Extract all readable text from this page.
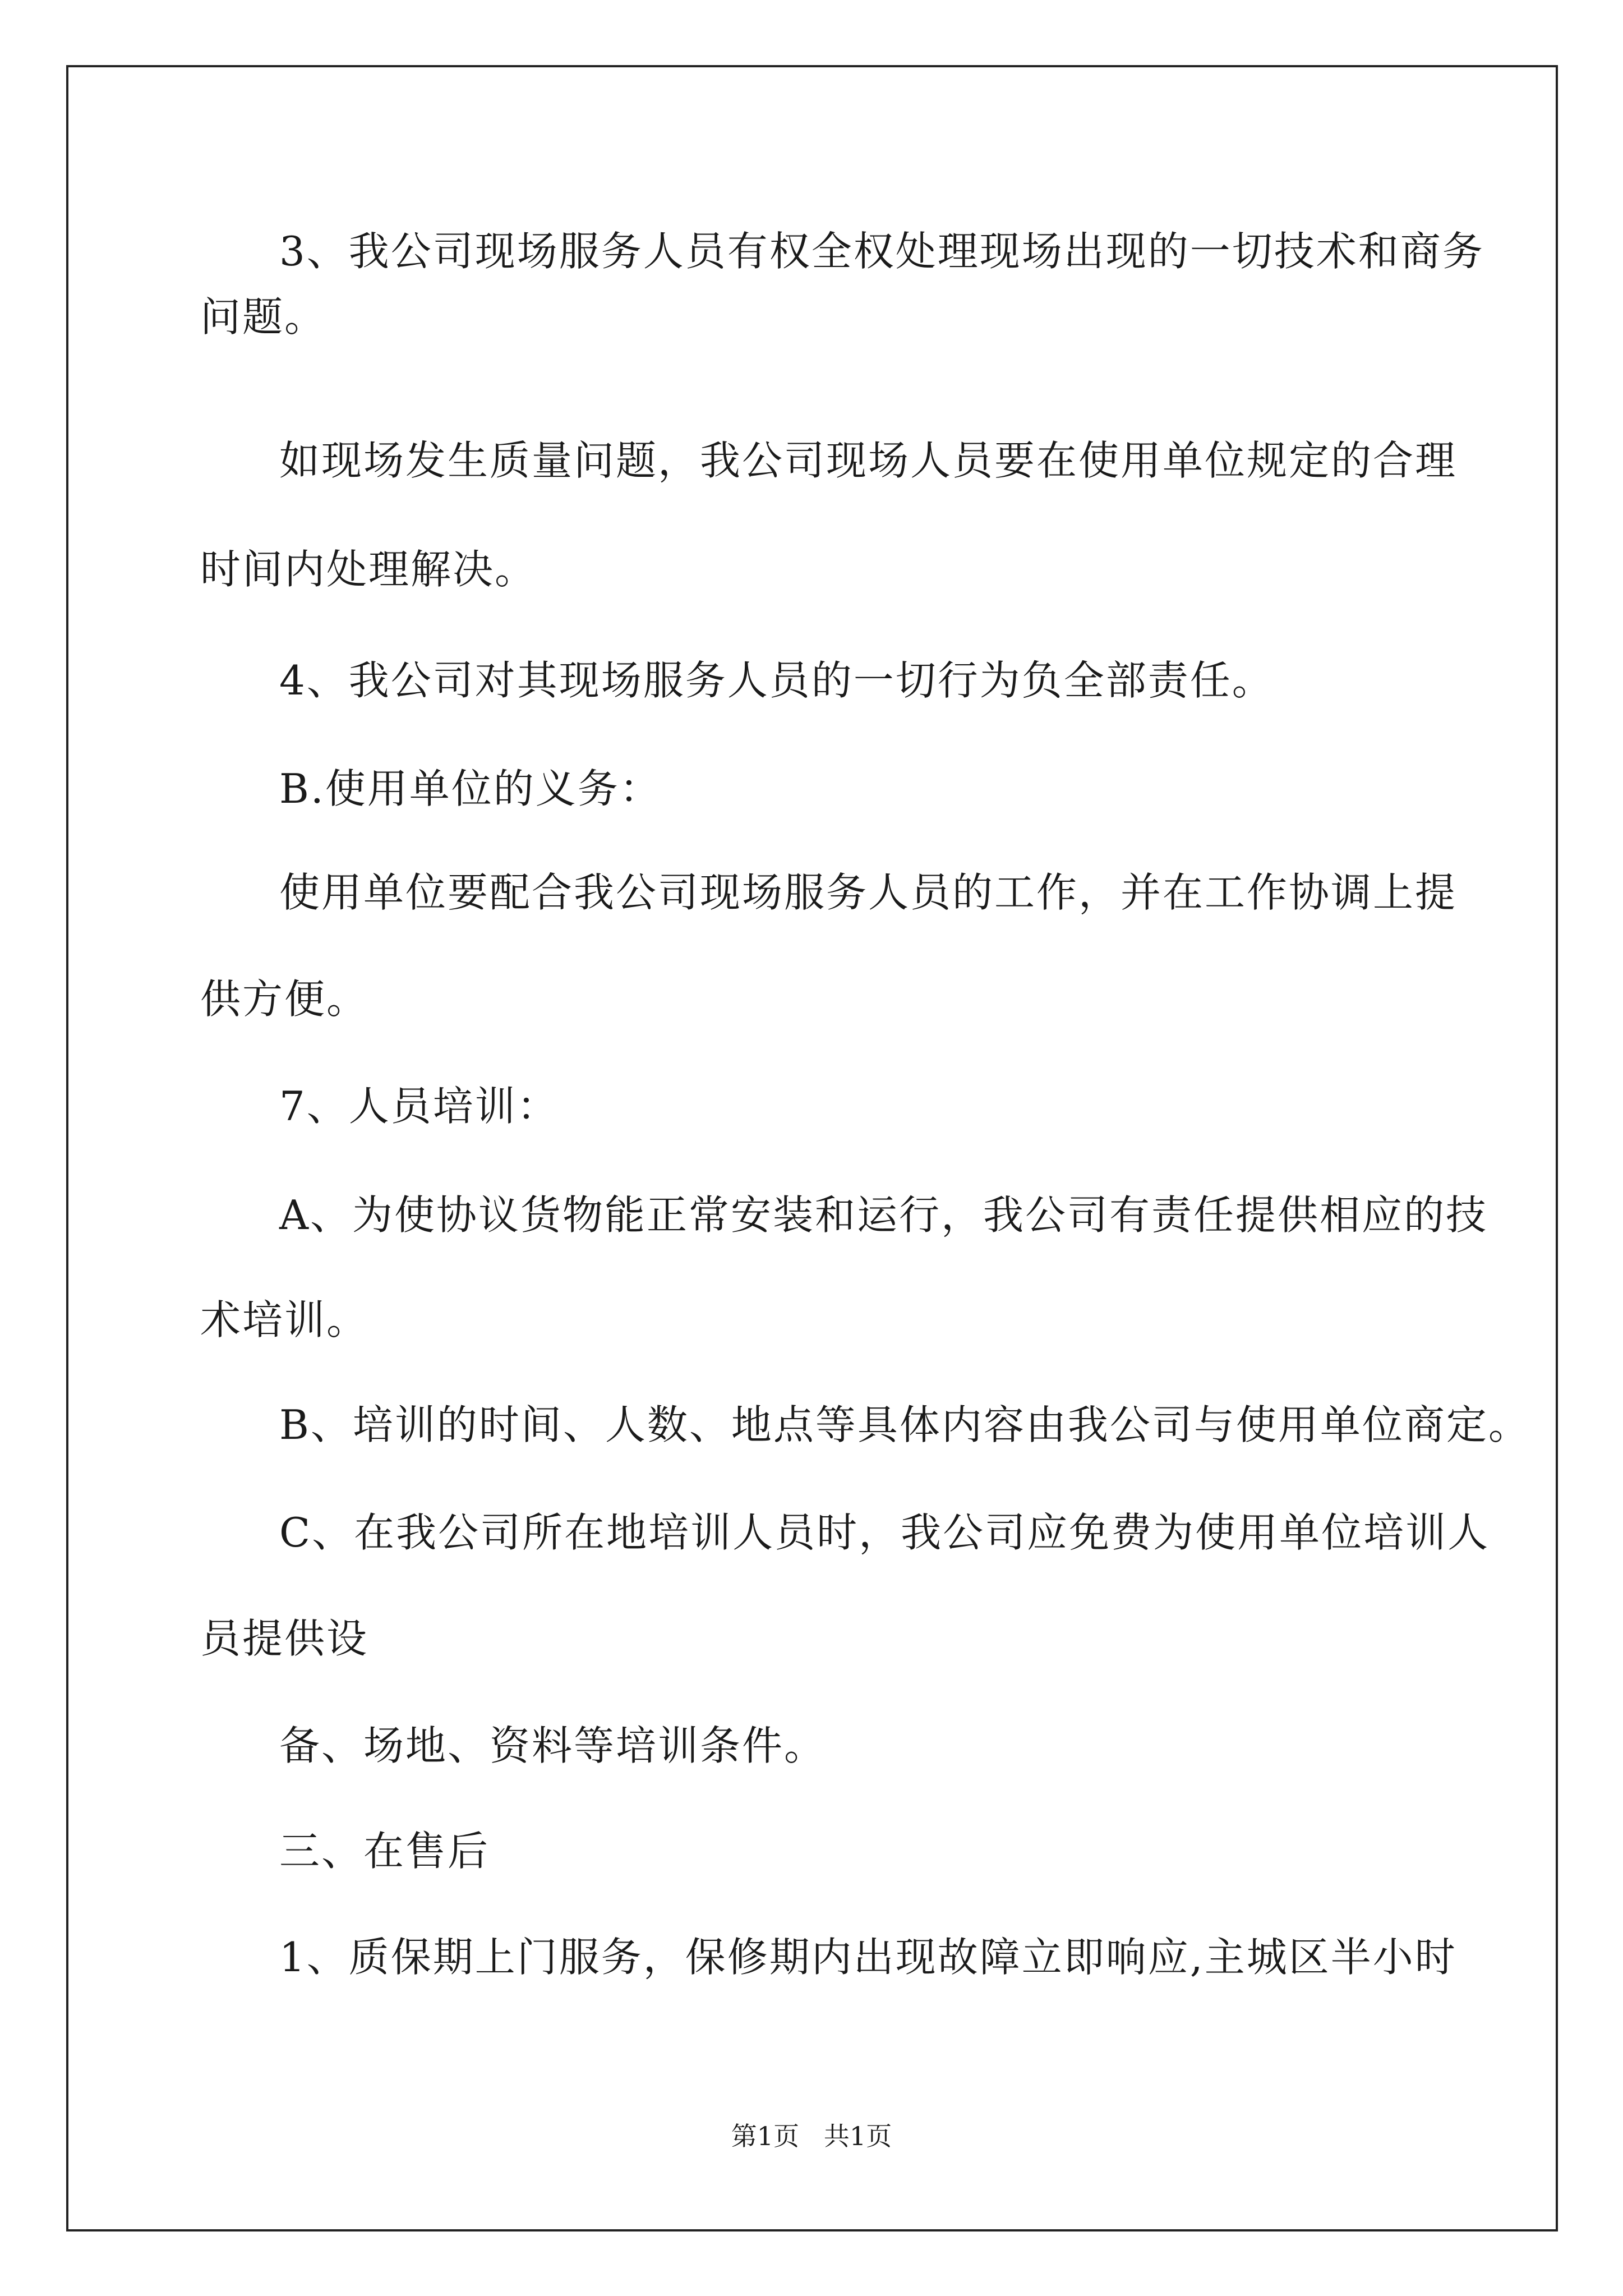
3、我公司现场服务人员有权全权处理现场出现的一切技术和商务
问题。
如现场发生质量问题，我公司现场人员要在使用单位规定的合理
时间内处理解决。
4、我公司对其现场服务人员的一切行为负全部责任。
B.使用单位的义务：
使用单位要配合我公司现场服务人员的工作，并在工作协调上提
供方便。
7、人员培训：
A、为使协议货物能正常安装和运行，我公司有责任提供相应的技
术培训。
B、培训的时间、人数、地点等具体内容由我公司与使用单位商定。
C、在我公司所在地培训人员时，我公司应免费为使用单位培训人
员提供设
备、场地、资料等培训条件。
三、在售后
1、质保期上门服务，保修期内出现故障立即响应,主城区半小时
第1页   共1页
